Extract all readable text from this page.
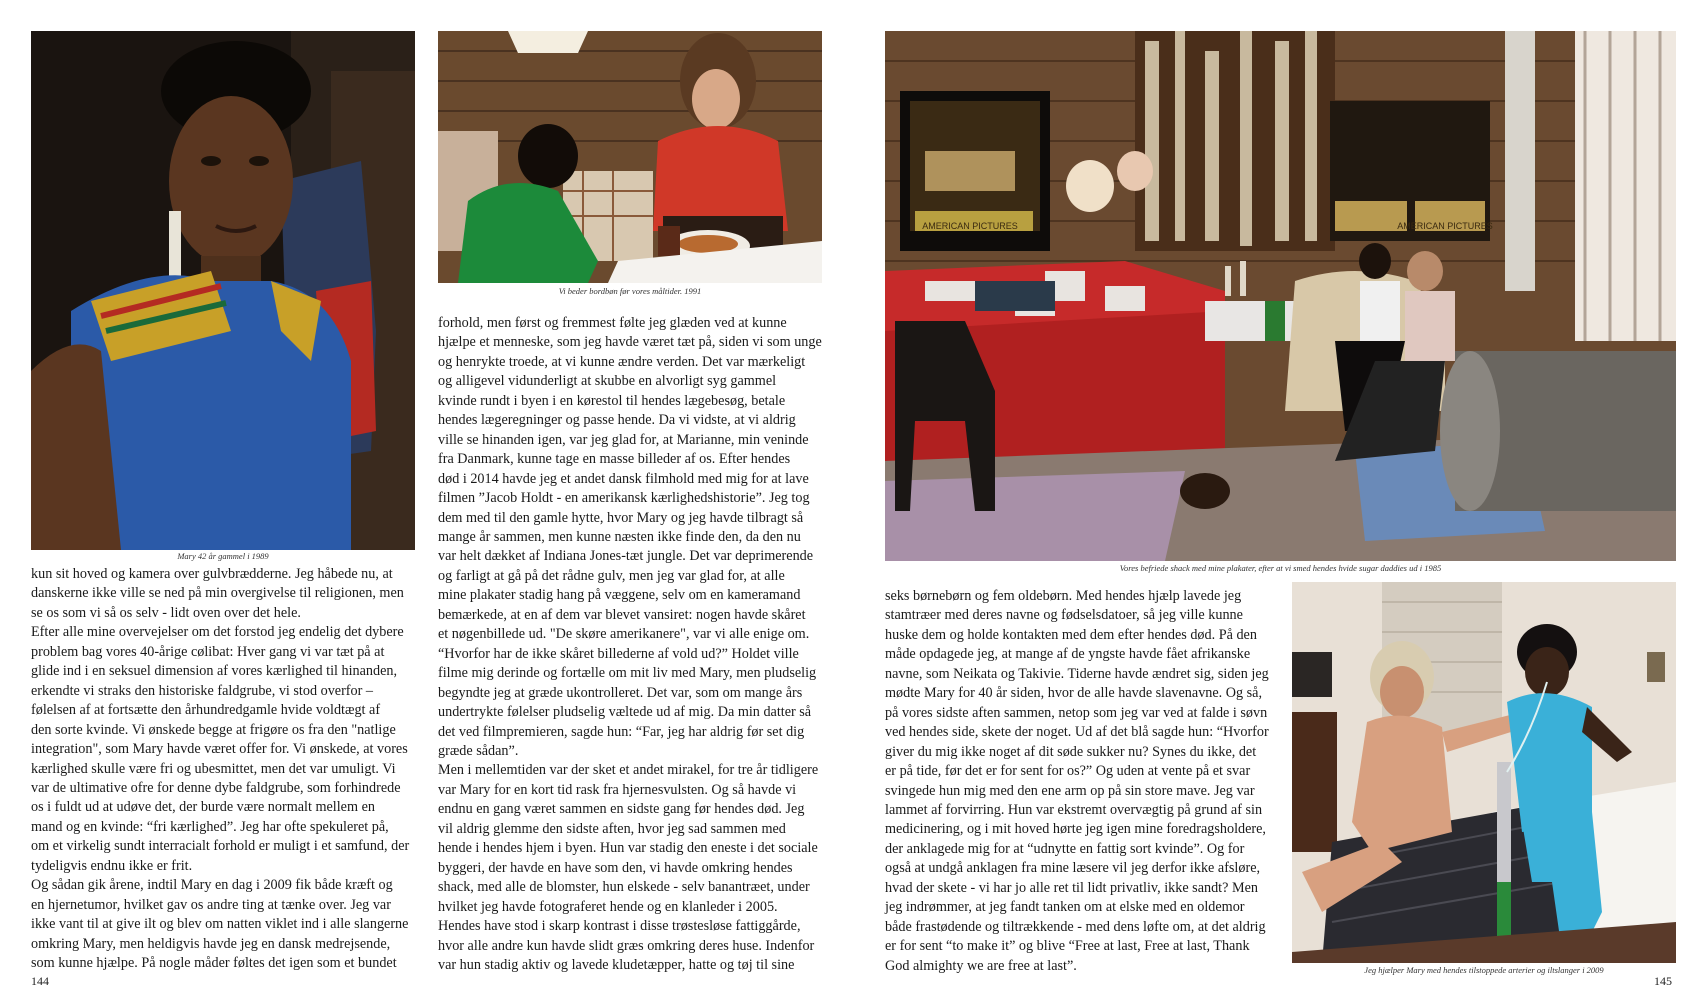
Mary 42 år gammel i 1989
Vi beder bordbøn før vores måltider. 1991
AMERICAN PICTURES	AMERICAN PICTURES
Vores befriede shack med mine plakater, efter at vi smed hendes hvide sugar daddies ud i 1985
Jeg hjælper Mary med hendes tilstoppede arterier og iltslanger i 2009
kun sit hoved og kamera over gulvbrædderne. Jeg håbede nu, at
danskerne ikke ville se ned på min overgivelse til religionen, men
se os som vi så os selv - lidt oven over det hele.
Efter alle mine overvejelser om det forstod jeg endelig det dybere
problem bag vores 40-årige cølibat: Hver gang vi var tæt på at
glide ind i en seksuel dimension af vores kærlighed til hinanden,
erkendte vi straks den historiske faldgrube, vi stod overfor –
følelsen af at fortsætte den århundredgamle hvide voldtægt af
den sorte kvinde. Vi ønskede begge at frigøre os fra den "natlige
integration", som Mary havde været offer for. Vi ønskede, at vores
kærlighed skulle være fri og ubesmittet, men det var umuligt. Vi
var de ultimative ofre for denne dybe faldgrube, som forhindrede
os i fuldt ud at udøve det, der burde være normalt mellem en
mand og en kvinde: “fri kærlighed”. Jeg har ofte spekuleret på,
om et virkelig sundt interracialt forhold er muligt i et samfund, der
tydeligvis endnu ikke er frit.
Og sådan gik årene, indtil Mary en dag i 2009 fik både kræft og
en hjernetumor, hvilket gav os andre ting at tænke over. Jeg var
ikke vant til at give ilt og blev om natten viklet ind i alle slangerne
omkring Mary, men heldigvis havde jeg en dansk medrejsende,
som kunne hjælpe. På nogle måder føltes det igen som et bundet
forhold, men først og fremmest følte jeg glæden ved at kunne
hjælpe et menneske, som jeg havde været tæt på, siden vi som unge
og henrykte troede, at vi kunne ændre verden. Det var mærkeligt
og alligevel vidunderligt at skubbe en alvorligt syg gammel
kvinde rundt i byen i en kørestol til hendes lægebesøg, betale
hendes lægeregninger og passe hende. Da vi vidste, at vi aldrig
ville se hinanden igen, var jeg glad for, at Marianne, min veninde
fra Danmark, kunne tage en masse billeder af os. Efter hendes
død i 2014 havde jeg et andet dansk filmhold med mig for at lave
filmen ”Jacob Holdt - en amerikansk kærlighedshistorie”. Jeg tog
dem med til den gamle hytte, hvor Mary og jeg havde tilbragt så
mange år sammen, men kunne næsten ikke finde den, da den nu
var helt dækket af Indiana Jones-tæt jungle. Det var deprimerende
og farligt at gå på det rådne gulv, men jeg var glad for, at alle
mine plakater stadig hang på væggene, selv om en kameramand
bemærkede, at en af dem var blevet vansiret: nogen havde skåret
et nøgenbillede ud. "De skøre amerikanere", var vi alle enige om.
“Hvorfor har de ikke skåret billederne af vold ud?” Holdet ville
filme mig derinde og fortælle om mit liv med Mary, men pludselig
begyndte jeg at græde ukontrolleret. Det var, som om mange års
undertrykte følelser pludselig væltede ud af mig. Da min datter så
det ved filmpremieren, sagde hun: “Far, jeg har aldrig før set dig
græde sådan”.
Men i mellemtiden var der sket et andet mirakel, for tre år tidligere
var Mary for en kort tid rask fra hjernesvulsten. Og så havde vi
endnu en gang været sammen en sidste gang før hendes død. Jeg
vil aldrig glemme den sidste aften, hvor jeg sad sammen med
hende i hendes hjem i byen. Hun var stadig den eneste i det sociale
byggeri, der havde en have som den, vi havde omkring hendes
shack, med alle de blomster, hun elskede - selv banantræet, under
hvilket jeg havde fotograferet hende og en klanleder i 2005.
Hendes have stod i skarp kontrast i disse trøstesløse fattiggårde,
hvor alle andre kun havde slidt græs omkring deres huse. Indenfor
var hun stadig aktiv og lavede kludetæpper, hatte og tøj til sine
seks børnebørn og fem oldebørn. Med hendes hjælp lavede jeg
stamtræer med deres navne og fødselsdatoer, så jeg ville kunne
huske dem og holde kontakten med dem efter hendes død. På den
måde opdagede jeg, at mange af de yngste havde fået afrikanske
navne, som Neikata og Takivie. Tiderne havde ændret sig, siden jeg
mødte Mary for 40 år siden, hvor de alle havde slavenavne. Og så,
på vores sidste aften sammen, netop som jeg var ved at falde i søvn
ved hendes side, skete der noget. Ud af det blå sagde hun: “Hvorfor
giver du mig ikke noget af dit søde sukker nu? Synes du ikke, det
er på tide, før det er for sent for os?” Og uden at vente på et svar
svingede hun mig med den ene arm op på sin store mave. Jeg var
lammet af forvirring. Hun var ekstremt overvægtig på grund af sin
medicinering, og i mit hoved hørte jeg igen mine foredragsholdere,
der anklagede mig for at “udnytte en fattig sort kvinde”. Og for
også at undgå anklagen fra mine læsere vil jeg derfor ikke afsløre,
hvad der skete - vi har jo alle ret til lidt privatliv, ikke sandt? Men
jeg indrømmer, at jeg fandt tanken om at elske med en oldemor
både frastødende og tiltrækkende - med dens løfte om, at det aldrig
er for sent “to make it” og blive “Free at last, Free at last, Thank
God almighty we are free at last”.
144	145
